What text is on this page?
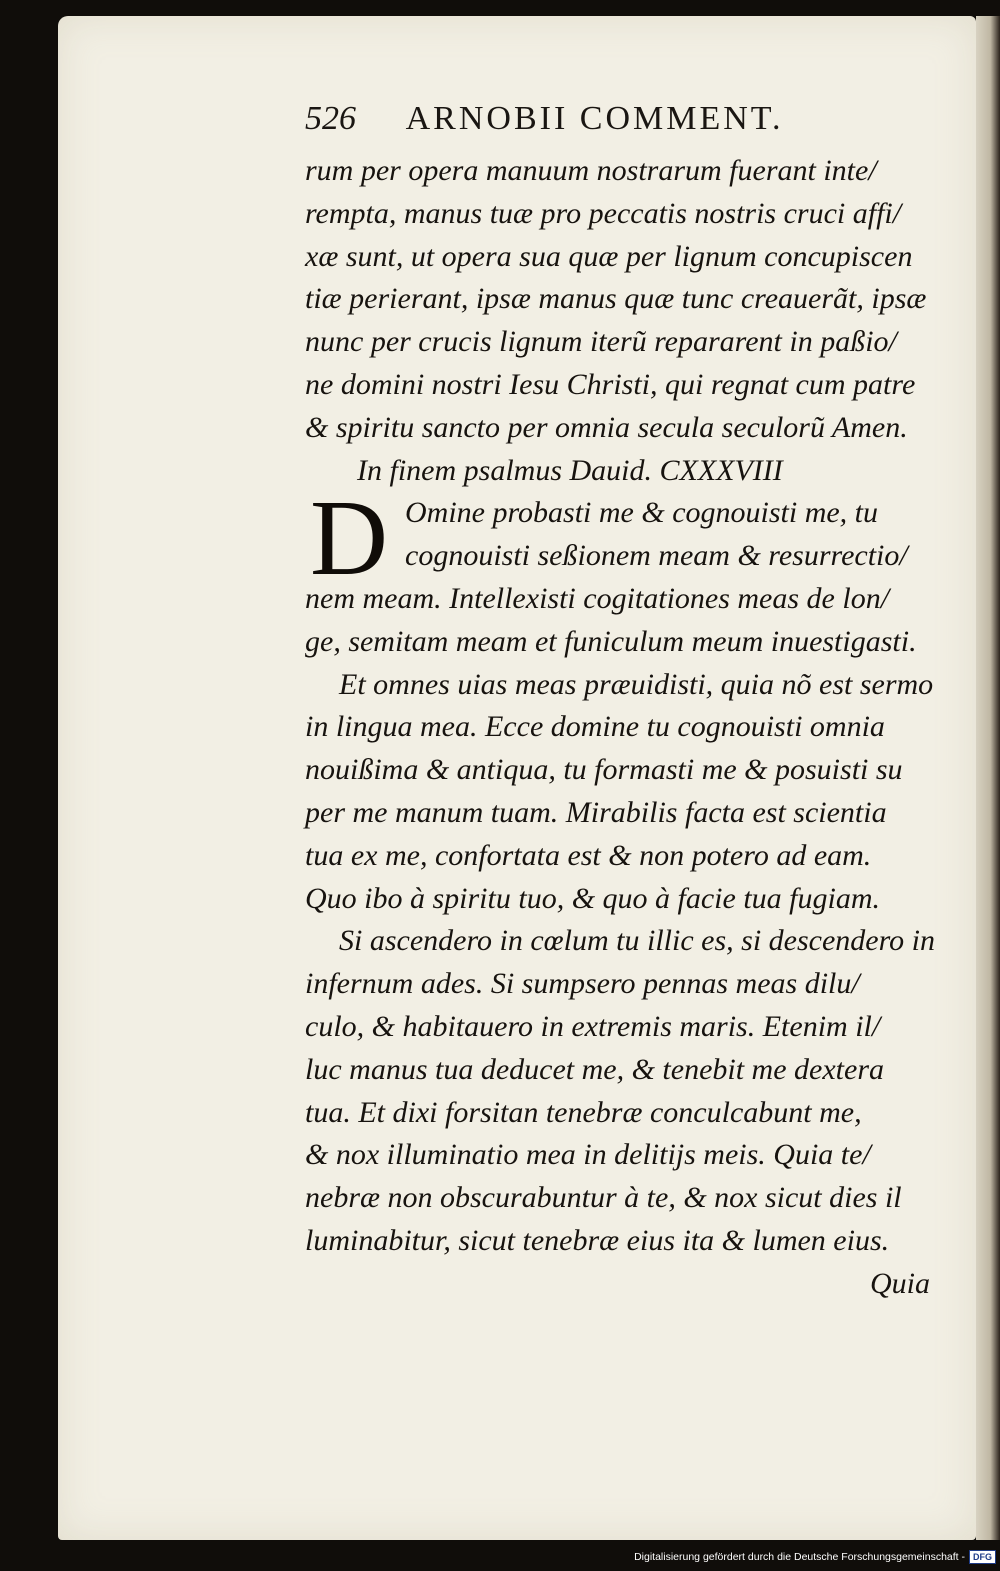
526 ARNOBII COMMENT.
D
rum per opera manuum nostrarum fuerant inte/
rempta, manus tuæ pro peccatis nostris cruci affi/
xæ sunt, ut opera sua quæ per lignum concupiscen
tiæ perierant, ipsæ manus quæ tunc creauerãt, ipsæ
nunc per crucis lignum iterũ repararent in paßio/
ne domini nostri Iesu Christi, qui regnat cum patre
& spiritu sancto per omnia secula seculorũ Amen.
In finem psalmus Dauid. CXXXVIII
Omine probasti me & cognouisti me, tu
cognouisti seßionem meam & resurrectio/
nem meam. Intellexisti cogitationes meas de lon/
ge, semitam meam et funiculum meum inuestigasti.
Et omnes uias meas præuidisti, quia nõ est sermo
in lingua mea. Ecce domine tu cognouisti omnia
nouißima & antiqua, tu formasti me & posuisti su
per me manum tuam. Mirabilis facta est scientia
tua ex me, confortata est & non potero ad eam.
Quo ibo à spiritu tuo, & quo à facie tua fugiam.
Si ascendero in cœlum tu illic es, si descendero in
infernum ades. Si sumpsero pennas meas dilu/
culo, & habitauero in extremis maris. Etenim il/
luc manus tua deducet me, & tenebit me dextera
tua. Et dixi forsitan tenebræ conculcabunt me,
& nox illuminatio mea in delitijs meis. Quia te/
nebræ non obscurabuntur à te, & nox sicut dies il
luminabitur, sicut tenebræ eius ita & lumen eius.
Quia
Digitalisierung gefördert durch die Deutsche Forschungsgemeinschaft - DFG
